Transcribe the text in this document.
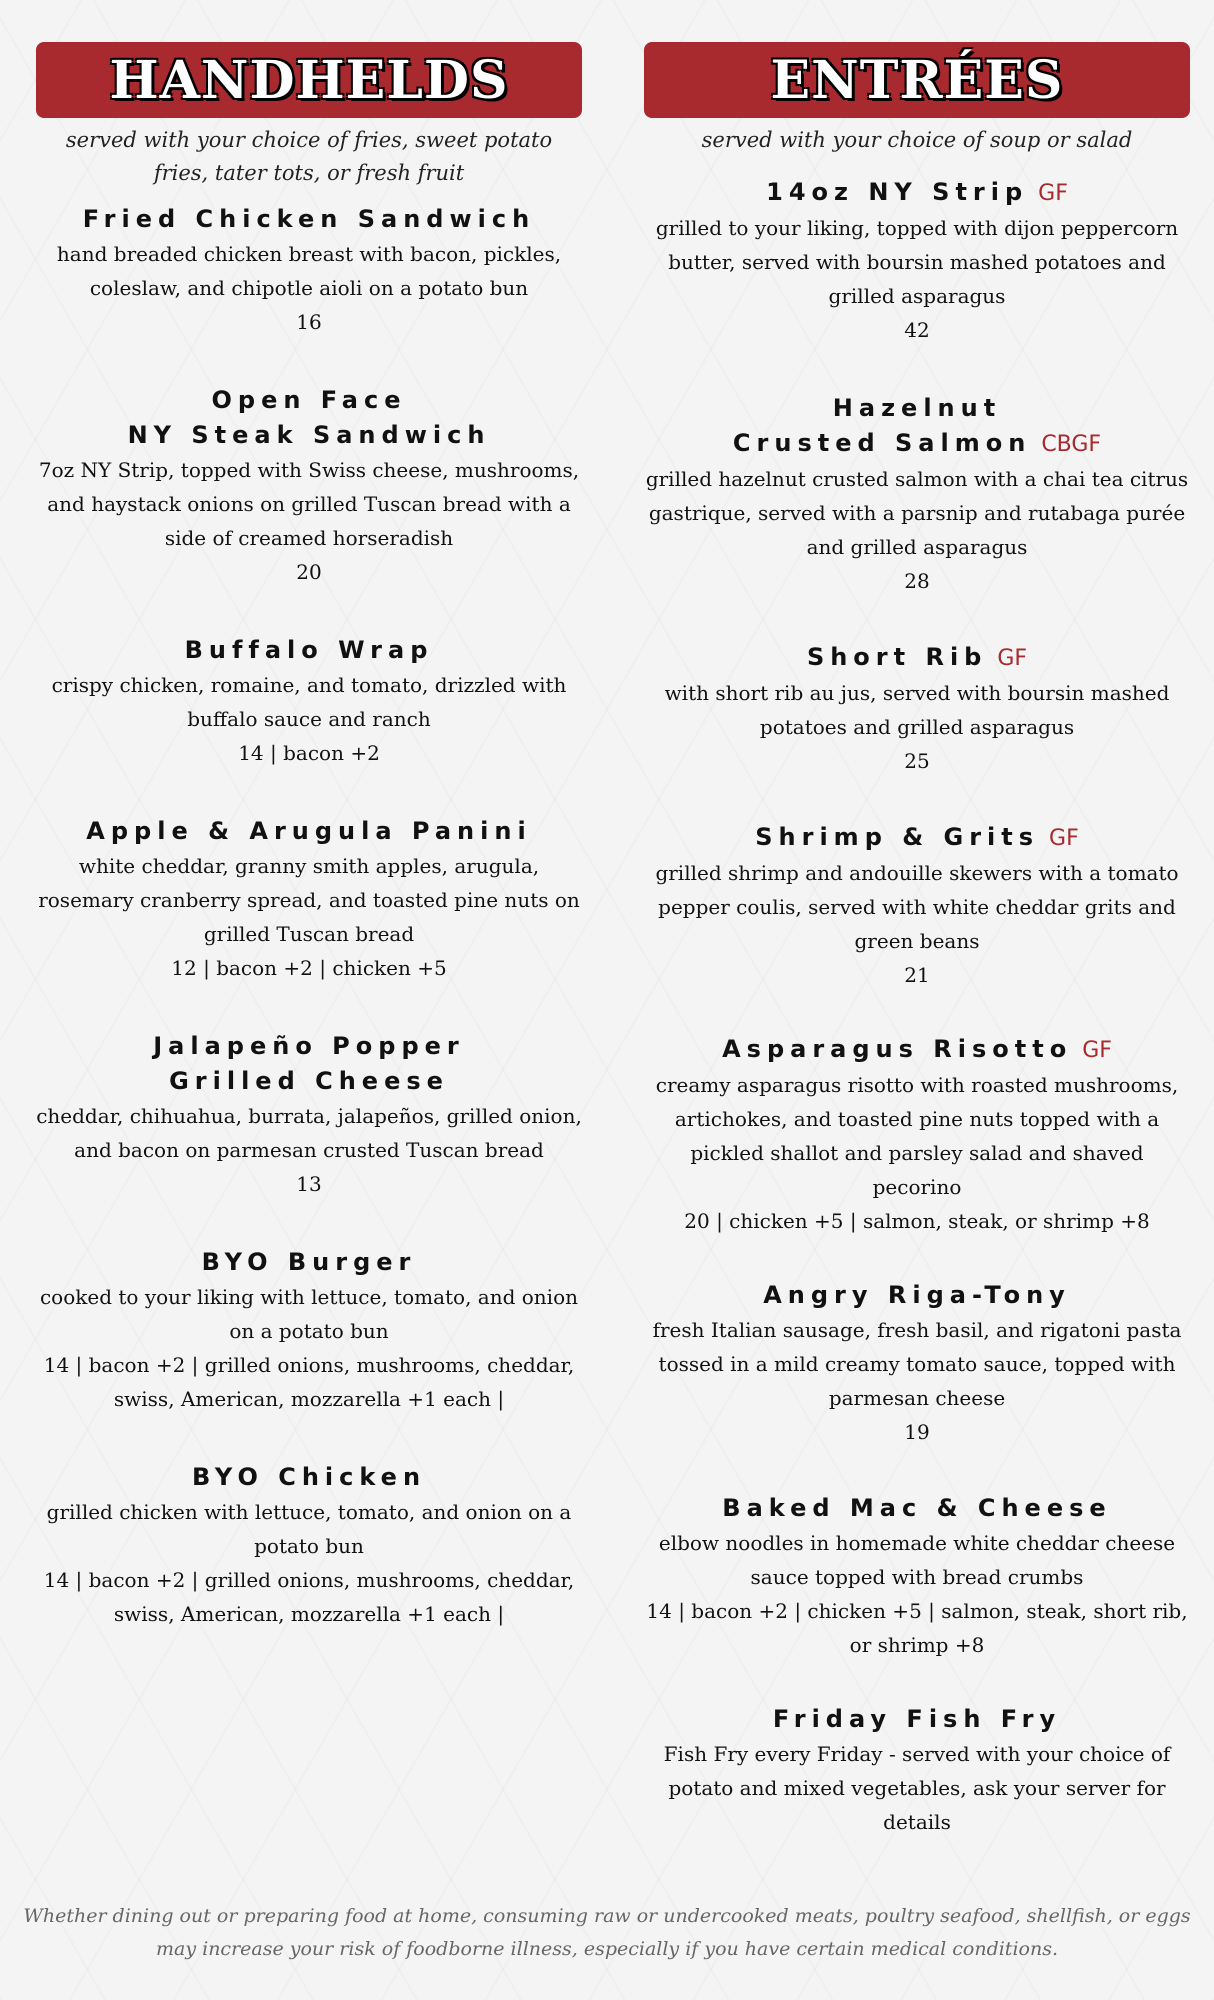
HANDHELDS
served with your choice of fries, sweet potato fries, tater tots, or fresh fruit
Fried Chicken Sandwich
hand breaded chicken breast with bacon, pickles, coleslaw, and chipotle aioli on a potato bun
16
Open Face
NY Steak Sandwich
7oz NY Strip, topped with Swiss cheese, mushrooms, and haystack onions on grilled Tuscan bread with a side of creamed horseradish
20
Buffalo Wrap
crispy chicken, romaine, and tomato, drizzled with buffalo sauce and ranch
14 | bacon +2
Apple & Arugula Panini
white cheddar, granny smith apples, arugula, rosemary cranberry spread, and toasted pine nuts on grilled Tuscan bread
12 | bacon +2 | chicken +5
Jalapeño Popper
Grilled Cheese
cheddar, chihuahua, burrata, jalapeños, grilled onion, and bacon on parmesan crusted Tuscan bread
13
BYO Burger
cooked to your liking with lettuce, tomato, and onion on a potato bun
14 | bacon +2 | grilled onions, mushrooms, cheddar, swiss, American, mozzarella +1 each |
BYO Chicken
grilled chicken with lettuce, tomato, and onion on a potato bun
14 | bacon +2 | grilled onions, mushrooms, cheddar, swiss, American, mozzarella +1 each |
ENTRÉES
served with your choice of soup or salad
14oz NY Strip GF
grilled to your liking, topped with dijon peppercorn butter, served with boursin mashed potatoes and grilled asparagus
42
Hazelnut
Crusted Salmon CBGF
grilled hazelnut crusted salmon with a chai tea citrus gastrique, served with a parsnip and rutabaga purée and grilled asparagus
28
Short Rib GF
with short rib au jus, served with boursin mashed potatoes and grilled asparagus
25
Shrimp & Grits GF
grilled shrimp and andouille skewers with a tomato pepper coulis, served with white cheddar grits and green beans
21
Asparagus Risotto GF
creamy asparagus risotto with roasted mushrooms, artichokes, and toasted pine nuts topped with a pickled shallot and parsley salad and shaved pecorino
20 | chicken +5 | salmon, steak, or shrimp +8
Angry Riga-Tony
fresh Italian sausage, fresh basil, and rigatoni pasta tossed in a mild creamy tomato sauce, topped with parmesan cheese
19
Baked Mac & Cheese
elbow noodles in homemade white cheddar cheese sauce topped with bread crumbs
14 | bacon +2 | chicken +5 | salmon, steak, short rib, or shrimp +8
Friday Fish Fry
Fish Fry every Friday - served with your choice of potato and mixed vegetables, ask your server for details
Whether dining out or preparing food at home, consuming raw or undercooked meats, poultry seafood, shellfish, or eggs may increase your risk of foodborne illness, especially if you have certain medical conditions.
